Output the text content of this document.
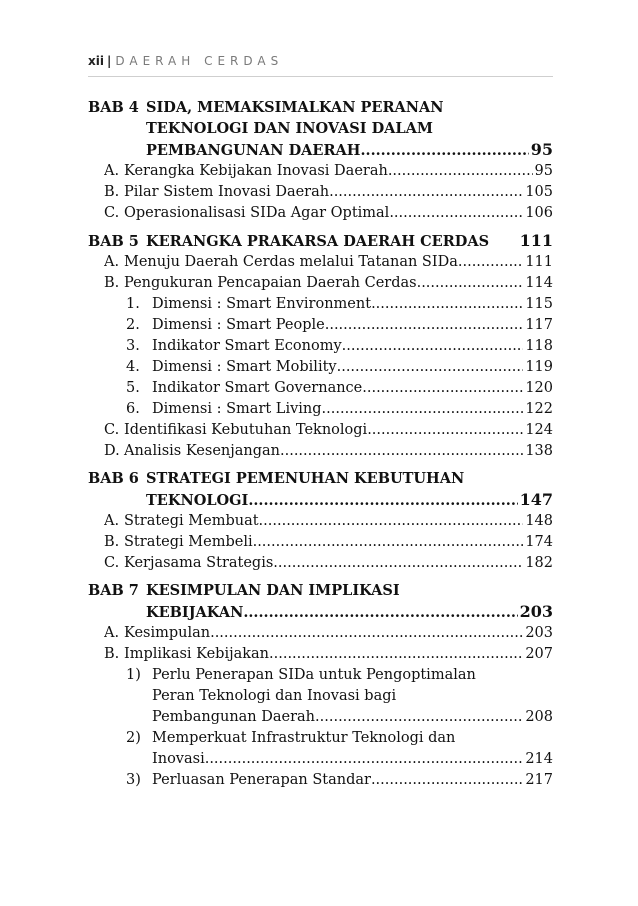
xii | DAERAH CERDAS
BAB 4 SIDA, MEMAKSIMALKAN PERANAN
TEKNOLOGI DAN INOVASI DALAM
PEMBANGUNAN DAERAH .....	95
A. Kerangka Kebijakan Inovasi Daerah .....	95
B. Pilar Sistem Inovasi Daerah .....	105
C. Operasionalisasi SIDa Agar Optimal .....	106
BAB 5 KERANGKA PRAKARSA DAERAH CERDAS	111
A. Menuju Daerah Cerdas melalui Tatanan SIDa .....	111
B. Pengukuran Pencapaian Daerah Cerdas .....	114
1. Dimensi : Smart Environment .....	115
2. Dimensi : Smart People .....	117
3. Indikator Smart Economy .....	118
4. Dimensi : Smart Mobility .....	119
5. Indikator Smart Governance .....	120
6. Dimensi : Smart Living .....	122
C. Identifikasi Kebutuhan Teknologi .....	124
D. Analisis Kesenjangan .....	138
BAB 6 STRATEGI PEMENUHAN KEBUTUHAN
TEKNOLOGI .....	147
A. Strategi Membuat .....	148
B. Strategi Membeli .....	174
C. Kerjasama Strategis .....	182
BAB 7 KESIMPULAN DAN IMPLIKASI
KEBIJAKAN .....	203
A. Kesimpulan .....	203
B. Implikasi Kebijakan .....	207
1) Perlu Penerapan SIDa untuk Pengoptimalan
Peran Teknologi dan Inovasi bagi
Pembangunan Daerah .....	208
2) Memperkuat Infrastruktur Teknologi dan
Inovasi .....	214
3) Perluasan Penerapan Standar .....	217
